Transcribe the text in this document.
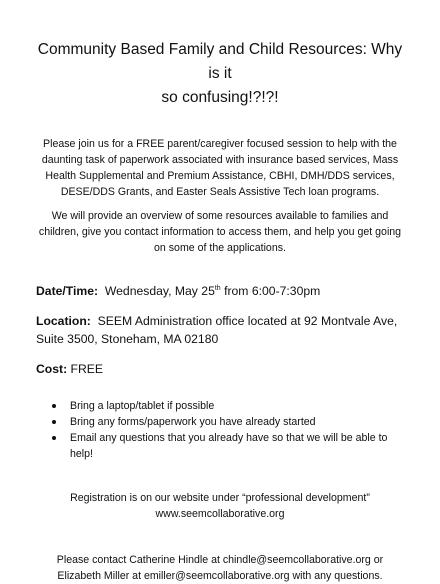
Community Based Family and Child Resources: Why is it
so confusing!?!?!

Please join us for a FREE parent/caregiver focused session to help with the daunting task of paperwork associated with insurance based services, Mass Health Supplemental and Premium Assistance, CBHI, DMH/DDS services, DESE/DDS Grants, and Easter Seals Assistive Tech loan programs.

We will provide an overview of some resources available to families and children, give you contact information to access them, and help you get going on some of the applications.

Date/Time: Wednesday, May 25th from 6:00-7:30pm

Location: SEEM Administration office located at 92 Montvale Ave, Suite 3500, Stoneham, MA 02180

Cost: FREE

Bring a laptop/tablet if possible
Bring any forms/paperwork you have already started
Email any questions that you already have so that we will be able to help!

Registration is on our website under “professional development”
www.seemcollaborative.org

Please contact Catherine Hindle at chindle@seemcollaborative.org or Elizabeth Miller at emiller@seemcollaborative.org with any questions.
